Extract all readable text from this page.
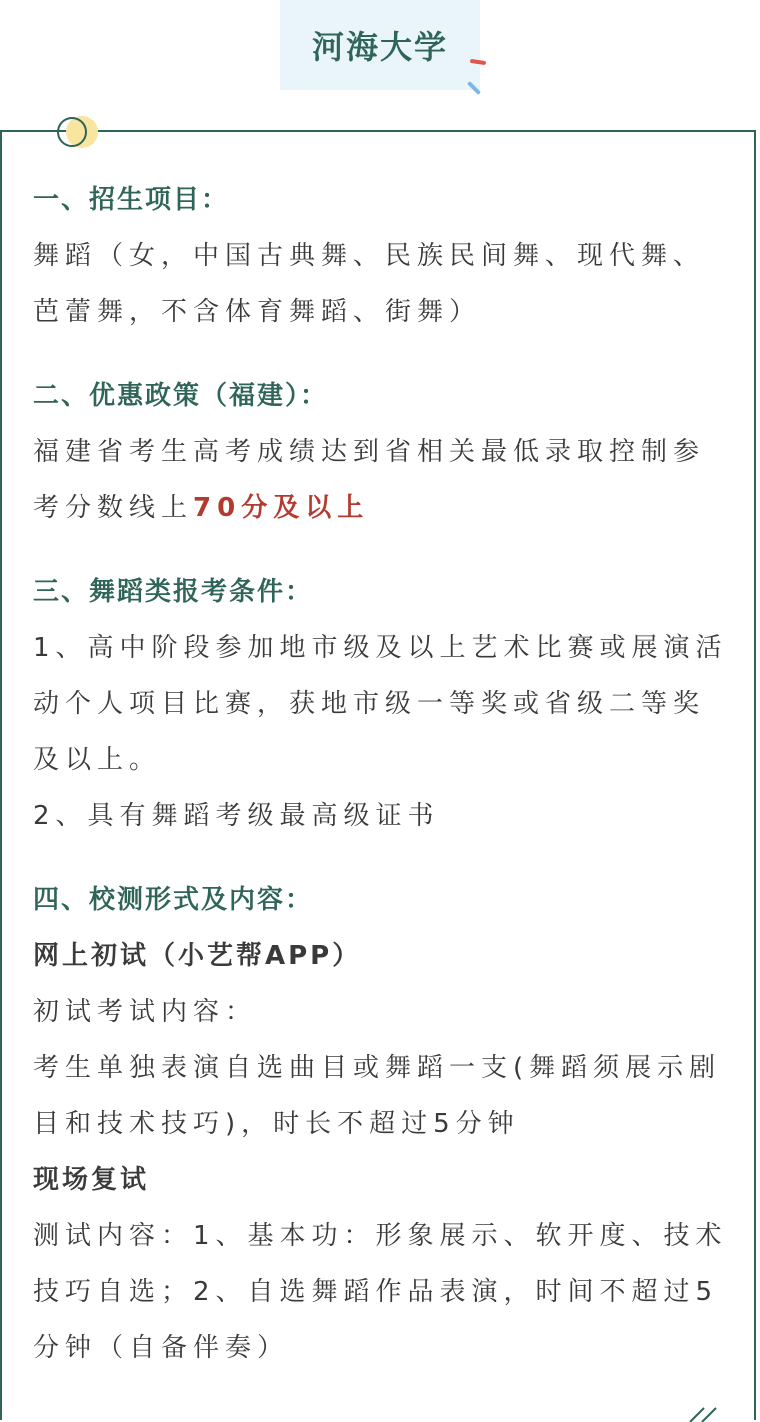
河海大学

一、招生项目：

舞蹈（女，中国古典舞、民族民间舞、现代舞、

芭蕾舞，不含体育舞蹈、街舞）

二、优惠政策（福建）：

福建省考生高考成绩达到省相关最低录取控制参

考分数线上70分及以上

三、舞蹈类报考条件：

1、高中阶段参加地市级及以上艺术比赛或展演活

动个人项目比赛，获地市级一等奖或省级二等奖

及以上。

2、具有舞蹈考级最高级证书

四、校测形式及内容：

网上初试（小艺帮APP）

初试考试内容：

考生单独表演自选曲目或舞蹈一支(舞蹈须展示剧

目和技术技巧)，时长不超过5分钟

现场复试

测试内容：1、基本功：形象展示、软开度、技术

技巧自选；2、自选舞蹈作品表演，时间不超过5

分钟（自备伴奏）
